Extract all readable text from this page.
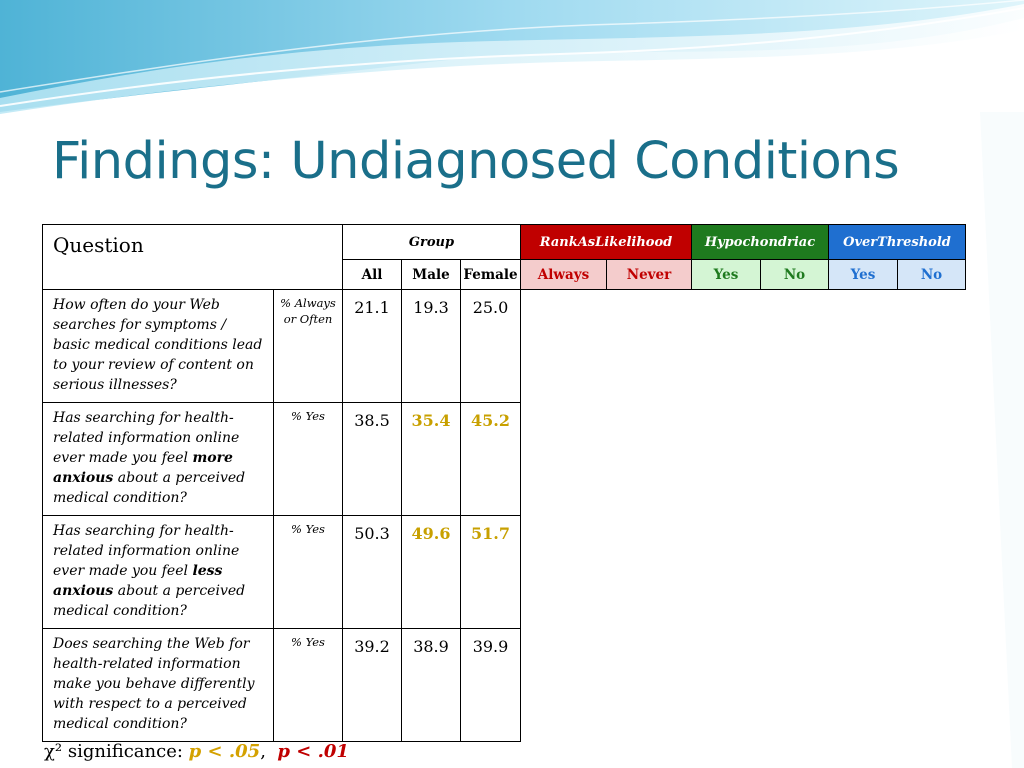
Findings: Undiagnosed Conditions
Question		Group			RankAsLikelihood		Hypochondriac		OverThreshold	
		All	Male	Female	Always	Never	Yes	No	Yes	No
How often do your Web searches for symptoms / basic medical conditions lead to your review of content on serious illnesses?	% Always or Often	21.1	19.3	25.0						
Has searching for health-related information online ever made you feel more anxious about a perceived medical condition?	% Yes	38.5	35.4	45.2						
Has searching for health-related information online ever made you feel less anxious about a perceived medical condition?	% Yes	50.3	49.6	51.7						
Does searching the Web for health-related information make you behave differently with respect to a perceived medical condition?	% Yes	39.2	38.9	39.9						

χ² significance: p < .05, p < .01
